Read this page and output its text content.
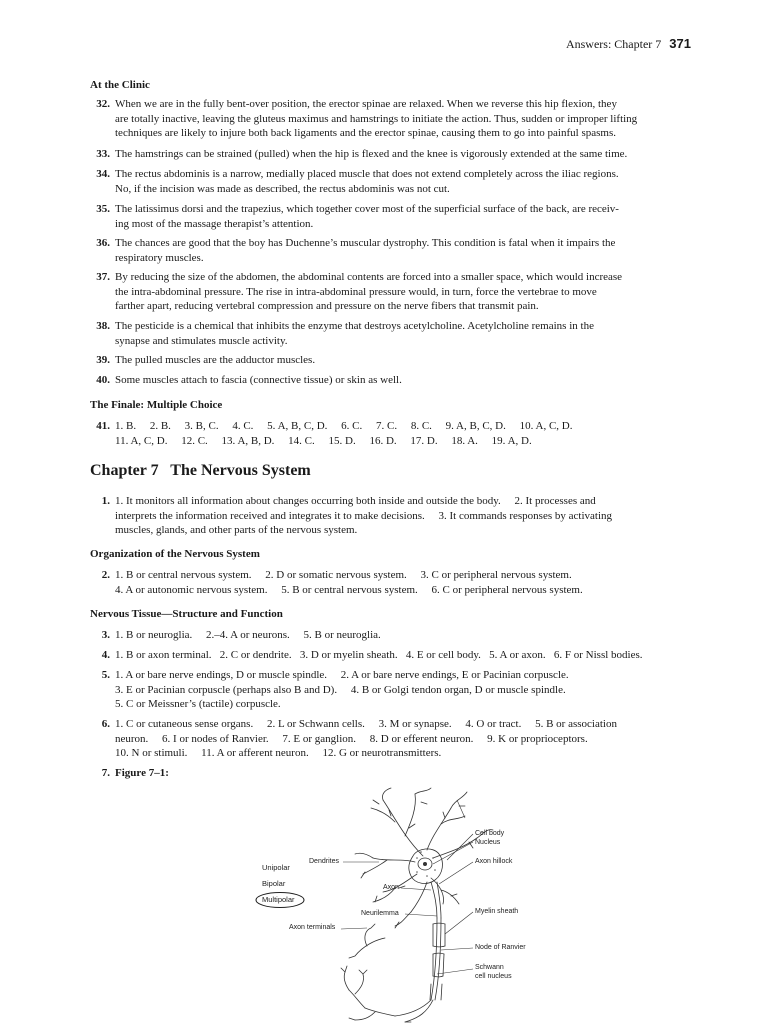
Answers: Chapter 7 371
At the Clinic
32. When we are in the fully bent-over position, the erector spinae are relaxed. When we reverse this hip flexion, they
are totally inactive, leaving the gluteus maximus and hamstrings to initiate the action. Thus, sudden or improper lifting
techniques are likely to injure both back ligaments and the erector spinae, causing them to go into painful spasms.
33. The hamstrings can be strained (pulled) when the hip is flexed and the knee is vigorously extended at the same time.
34. The rectus abdominis is a narrow, medially placed muscle that does not extend completely across the iliac regions.
No, if the incision was made as described, the rectus abdominis was not cut.
35. The latissimus dorsi and the trapezius, which together cover most of the superficial surface of the back, are receiv-
ing most of the massage therapist’s attention.
36. The chances are good that the boy has Duchenne’s muscular dystrophy. This condition is fatal when it impairs the
respiratory muscles.
37. By reducing the size of the abdomen, the abdominal contents are forced into a smaller space, which would increase
the intra-abdominal pressure. The rise in intra-abdominal pressure would, in turn, force the vertebrae to move
farther apart, reducing vertebral compression and pressure on the nerve fibers that transmit pain.
38. The pesticide is a chemical that inhibits the enzyme that destroys acetylcholine. Acetylcholine remains in the
synapse and stimulates muscle activity.
39. The pulled muscles are the adductor muscles.
40. Some muscles attach to fascia (connective tissue) or skin as well.
The Finale: Multiple Choice
41. 1. B.     2. B.     3. B, C.     4. C.     5. A, B, C, D.     6. C.     7. C.     8. C.     9. A, B, C, D.     10. A, C, D.
11. A, C, D.     12. C.     13. A, B, D.     14. C.     15. D.     16. D.     17. D.     18. A.     19. A, D.
Chapter 7   The Nervous System
1. 1. It monitors all information about changes occurring both inside and outside the body.     2. It processes and
interprets the information received and integrates it to make decisions.     3. It commands responses by activating
muscles, glands, and other parts of the nervous system.
Organization of the Nervous System
2. 1. B or central nervous system.     2. D or somatic nervous system.     3. C or peripheral nervous system.
4. A or autonomic nervous system.     5. B or central nervous system.     6. C or peripheral nervous system.
Nervous Tissue—Structure and Function
3. 1. B or neuroglia.     2.–4. A or neurons.     5. B or neuroglia.
4. 1. B or axon terminal.   2. C or dendrite.   3. D or myelin sheath.   4. E or cell body.   5. A or axon.   6. F or Nissl bodies.
5. 1. A or bare nerve endings, D or muscle spindle.     2. A or bare nerve endings, E or Pacinian corpuscle.
3. E or Pacinian corpuscle (perhaps also B and D).     4. B or Golgi tendon organ, D or muscle spindle.
5. C or Meissner’s (tactile) corpuscle.
6. 1. C or cutaneous sense organs.     2. L or Schwann cells.     3. M or synapse.     4. O or tract.     5. B or association
neuron.     6. I or nodes of Ranvier.     7. E or ganglion.     8. D or efferent neuron.     9. K or proprioceptors.
10. N or stimuli.     11. A or afferent neuron.     12. G or neurotransmitters.
7. Figure 7–1:
Unipolar
Bipolar
Multipolar
Dendrites
Axon
Neurilemma
Axon terminals
Cell body
Nucleus
Axon hillock
Myelin sheath
Node of Ranvier
Schwann
cell nucleus
